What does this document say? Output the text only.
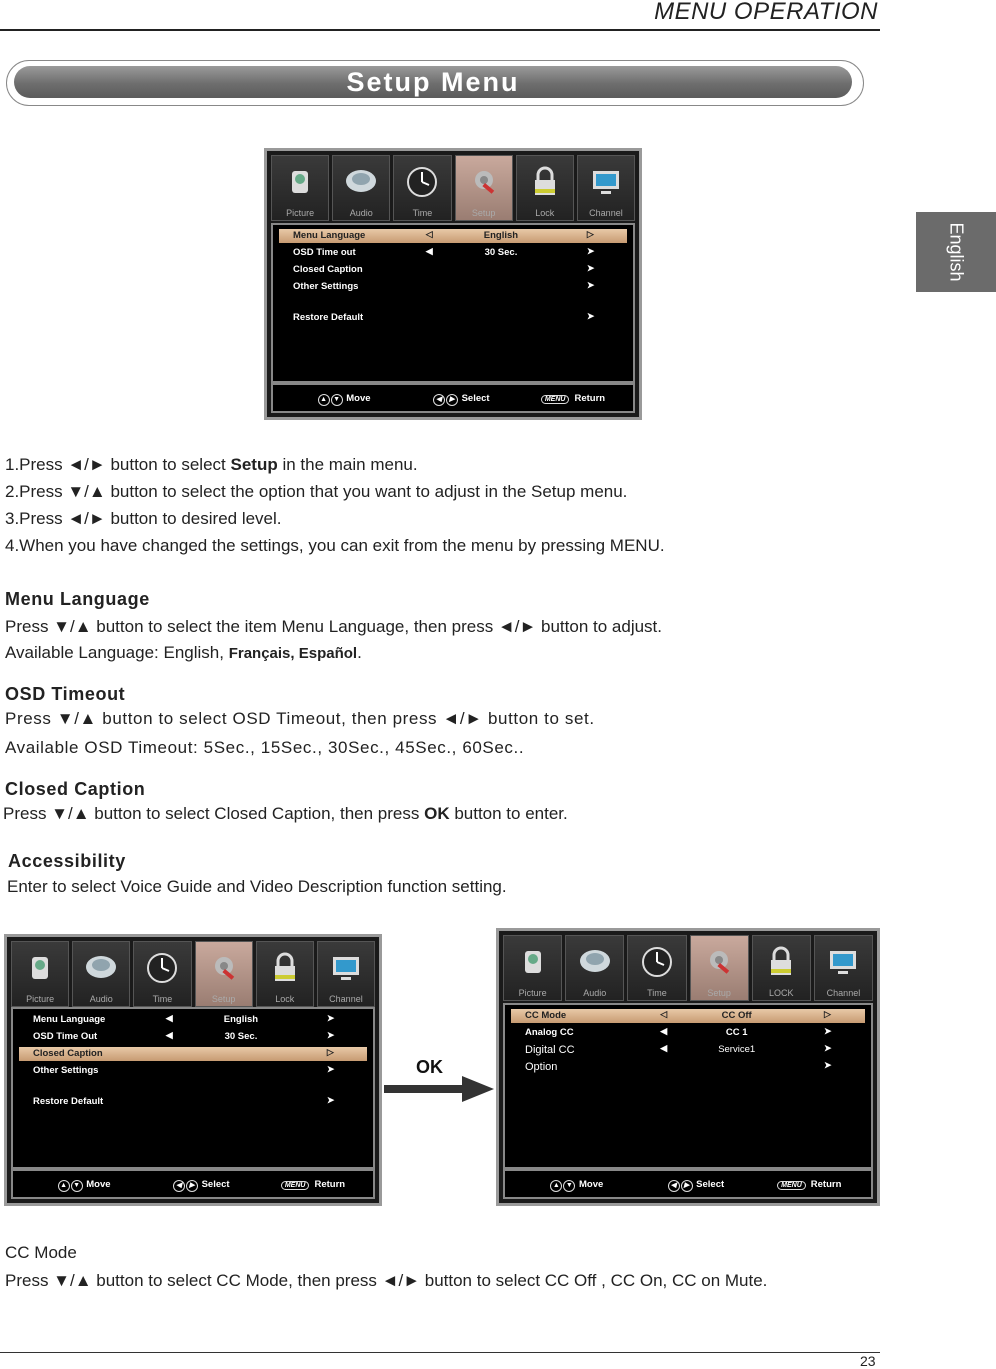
MENU OPERATION
Setup Menu
English
Picture	Audio	Time	Setup	Lock	Channel
Menu Language	◁	English	▷
OSD Time out	◀	30 Sec.	➤
Closed Caption	➤
Other Settings	➤
Restore Default	➤
▲ ▼ Move	◀ ▶ Select	MENU Return
1.Press ◄/► button to select Setup in the main menu.
2.Press ▼/▲ button to select the option that you want to adjust in the Setup menu.
3.Press ◄/► button to desired level.
4.When you have changed the settings, you can exit from the menu by pressing MENU.
Menu Language
Press ▼/▲ button to select the item Menu Language, then press ◄/► button to adjust.
Available Language: English, Français, Español.
OSD Timeout
Press ▼/▲ button to select OSD Timeout, then press ◄/► button to set.
Available OSD Timeout: 5Sec., 15Sec., 30Sec., 45Sec., 60Sec..
Closed Caption
Press ▼/▲ button to select Closed Caption, then press OK button to enter.
Accessibility
Enter to select Voice Guide and Video Description function setting.
Picture	Audio	Time	Setup	Lock	Channel
Menu Language	◀	English	➤
OSD Time Out	◀	30 Sec.	➤
Closed Caption	▷
Other Settings	➤
Restore Default	➤
▲ ▼ Move	◀ ▶ Select	MENU Return
OK
Picture	Audio	Time	Setup	LOCK	Channel
CC Mode	◁	CC Off	▷
Analog CC	◀	CC 1	➤
Digital CC	◀	Service1	➤
Option	➤
▲ ▼ Move	◀ ▶ Select	MENU Return
CC Mode
Press ▼/▲ button to select CC Mode, then press ◄/► button to select CC Off , CC On, CC on Mute.
23
